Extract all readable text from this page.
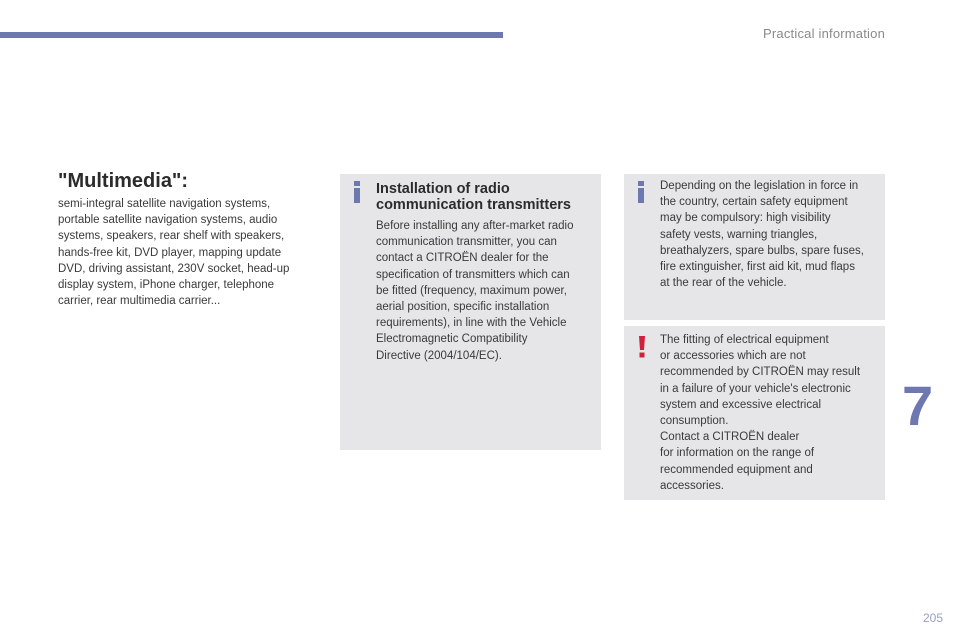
Practical information
"Multimedia":

semi-integral satellite navigation systems,
portable satellite navigation systems, audio
systems, speakers, rear shelf with speakers,
hands-free kit, DVD player, mapping update
DVD, driving assistant, 230V socket, head-up
display system, iPhone charger, telephone
carrier, rear multimedia carrier...

Installation of radio
communication transmitters

Before installing any after-market radio
communication transmitter, you can
contact a CITROËN dealer for the
specification of transmitters which can
be fitted (frequency, maximum power,
aerial position, specific installation
requirements), in line with the Vehicle
Electromagnetic Compatibility
Directive (2004/104/EC).

Depending on the legislation in force in
the country, certain safety equipment
may be compulsory: high visibility
safety vests, warning triangles,
breathalyzers, spare bulbs, spare fuses,
fire extinguisher, first aid kit, mud flaps
at the rear of the vehicle.

The fitting of electrical equipment
or accessories which are not
recommended by CITROËN may result
in a failure of your vehicle's electronic
system and excessive electrical
consumption.
Contact a CITROËN dealer
for information on the range of
recommended equipment and
accessories.

7
205
